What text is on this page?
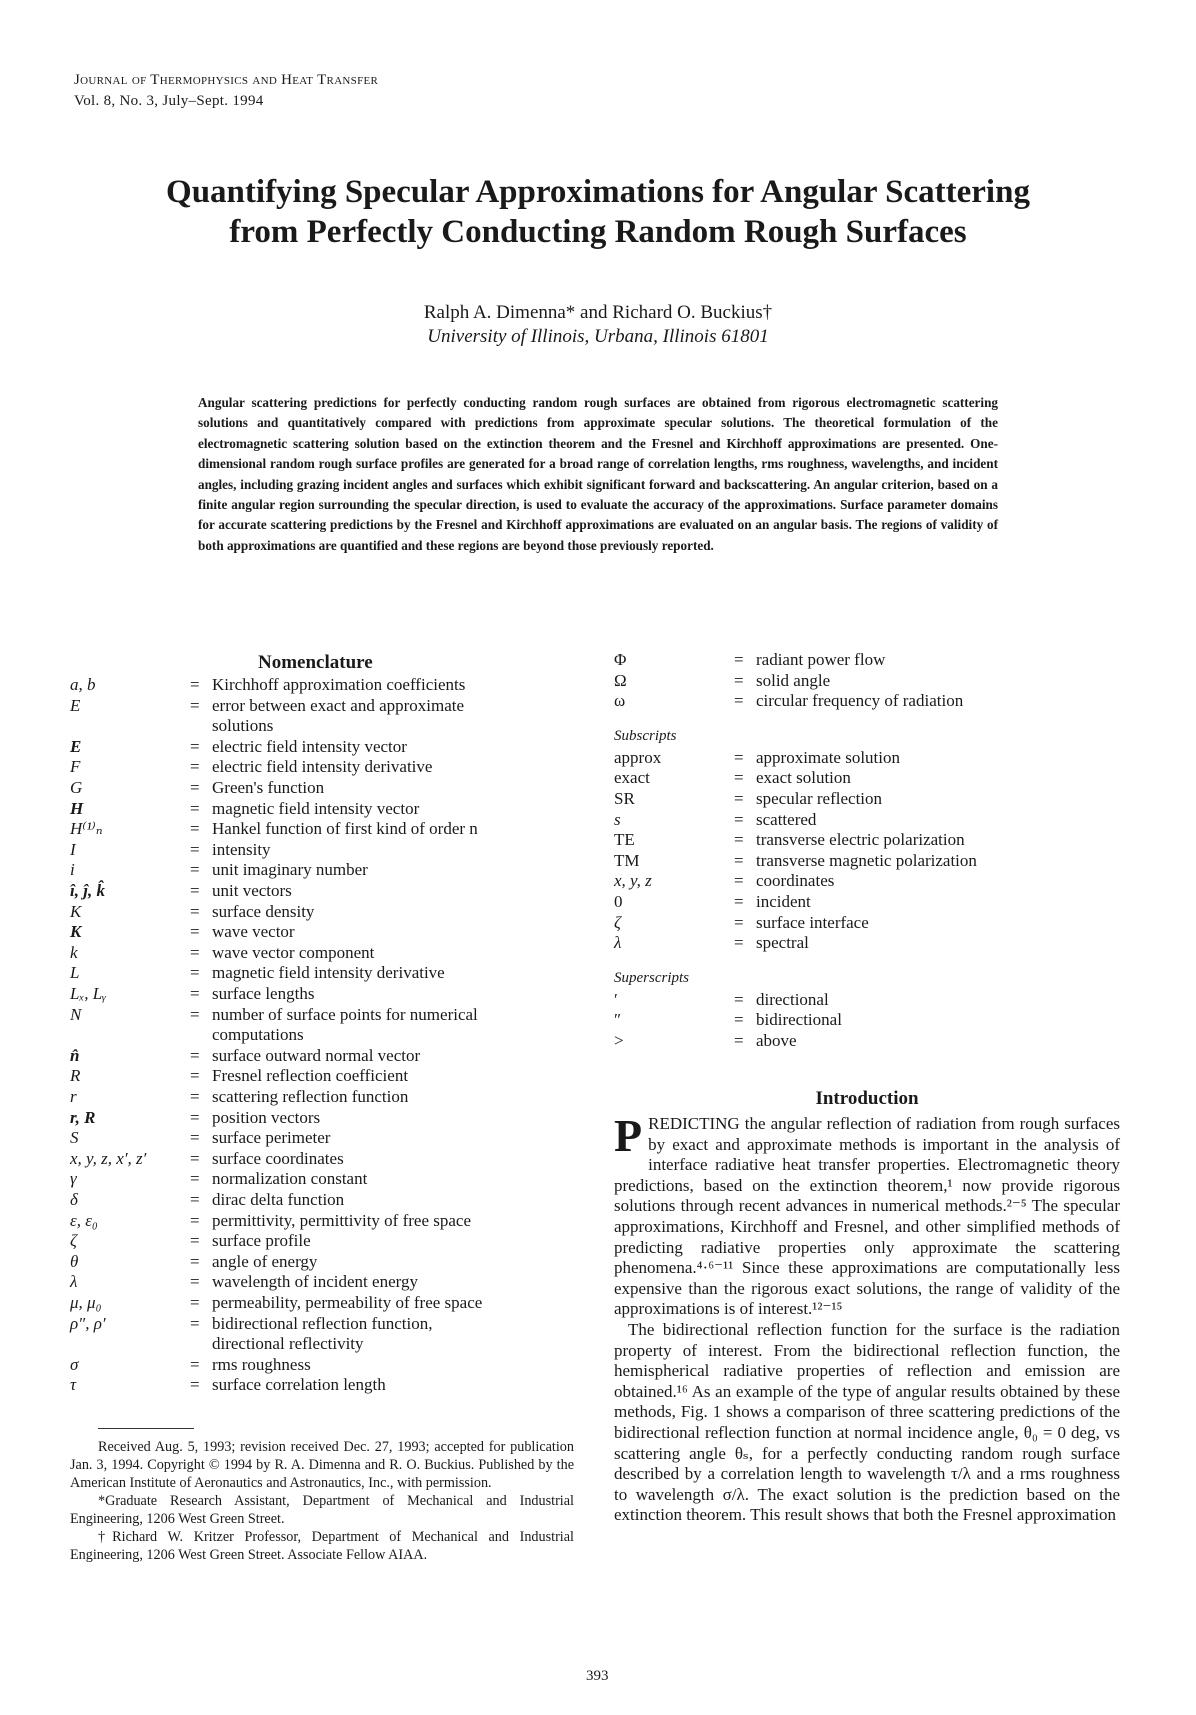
Journal of Thermophysics and Heat Transfer
Vol. 8, No. 3, July–Sept. 1994
Quantifying Specular Approximations for Angular Scattering
from Perfectly Conducting Random Rough Surfaces
Ralph A. Dimenna* and Richard O. Buckius†
University of Illinois, Urbana, Illinois 61801
Angular scattering predictions for perfectly conducting random rough surfaces are obtained from rigorous electromagnetic scattering solutions and quantitatively compared with predictions from approximate specular solutions. The theoretical formulation of the electromagnetic scattering solution based on the extinction theorem and the Fresnel and Kirchhoff approximations are presented. One-dimensional random rough surface profiles are generated for a broad range of correlation lengths, rms roughness, wavelengths, and incident angles, including grazing incident angles and surfaces which exhibit significant forward and backscattering. An angular criterion, based on a finite angular region surrounding the specular direction, is used to evaluate the accuracy of the approximations. Surface parameter domains for accurate scattering predictions by the Fresnel and Kirchhoff approximations are evaluated on an angular basis. The regions of validity of both approximations are quantified and these regions are beyond those previously reported.
Nomenclature
a, b	= Kirchhoff approximation coefficients
E	= error between exact and approximate
solutions
E	= electric field intensity vector
F	= electric field intensity derivative
G	= Green's function
H	= magnetic field intensity vector
H⁽¹⁾ₙ	= Hankel function of first kind of order n
I	= intensity
i	= unit imaginary number
î, ĵ, k̂	= unit vectors
K	= surface density
K	= wave vector
k	= wave vector component
L	= magnetic field intensity derivative
Lₓ, Lᵧ	= surface lengths
N	= number of surface points for numerical
computations
n̂	= surface outward normal vector
R	= Fresnel reflection coefficient
r	= scattering reflection function
r, R	= position vectors
S	= surface perimeter
x, y, z, x′, z′	= surface coordinates
γ	= normalization constant
δ	= dirac delta function
ε, ε₀	= permittivity, permittivity of free space
ζ	= surface profile
θ	= angle of energy
λ	= wavelength of incident energy
μ, μ₀	= permeability, permeability of free space
ρ″, ρ′	= bidirectional reflection function,
directional reflectivity
σ	= rms roughness
τ	= surface correlation length
Φ	= radiant power flow
Ω	= solid angle
ω	= circular frequency of radiation
Subscripts
approx	= approximate solution
exact	= exact solution
SR	= specular reflection
s	= scattered
TE	= transverse electric polarization
TM	= transverse magnetic polarization
x, y, z	= coordinates
0	= incident
ζ	= surface interface
λ	= spectral
Superscripts
′	= directional
″	= bidirectional
>	= above

Received Aug. 5, 1993; revision received Dec. 27, 1993; accepted for publication Jan. 3, 1994. Copyright © 1994 by R. A. Dimenna and R. O. Buckius. Published by the American Institute of Aeronautics and Astronautics, Inc., with permission.

*Graduate Research Assistant, Department of Mechanical and Industrial Engineering, 1206 West Green Street.

†Richard W. Kritzer Professor, Department of Mechanical and Industrial Engineering, 1206 West Green Street. Associate Fellow AIAA.

Introduction

PREDICTING the angular reflection of radiation from rough surfaces by exact and approximate methods is important in the analysis of interface radiative heat transfer properties. Electromagnetic theory predictions, based on the extinction theorem,¹ now provide rigorous solutions through recent advances in numerical methods.²⁻⁵ The specular approximations, Kirchhoff and Fresnel, and other simplified methods of predicting radiative properties only approximate the scattering phenomena.⁴·⁶⁻¹¹ Since these approximations are computationally less expensive than the rigorous exact solutions, the range of validity of the approximations is of interest.¹²⁻¹⁵

The bidirectional reflection function for the surface is the radiation property of interest. From the bidirectional reflection function, the hemispherical radiative properties of reflection and emission are obtained.¹⁶ As an example of the type of angular results obtained by these methods, Fig. 1 shows a comparison of three scattering predictions of the bidirectional reflection function at normal incidence angle, θ₀ = 0 deg, vs scattering angle θₛ, for a perfectly conducting random rough surface described by a correlation length to wavelength τ/λ and a rms roughness to wavelength σ/λ. The exact solution is the prediction based on the extinction theorem. This result shows that both the Fresnel approximation

393
